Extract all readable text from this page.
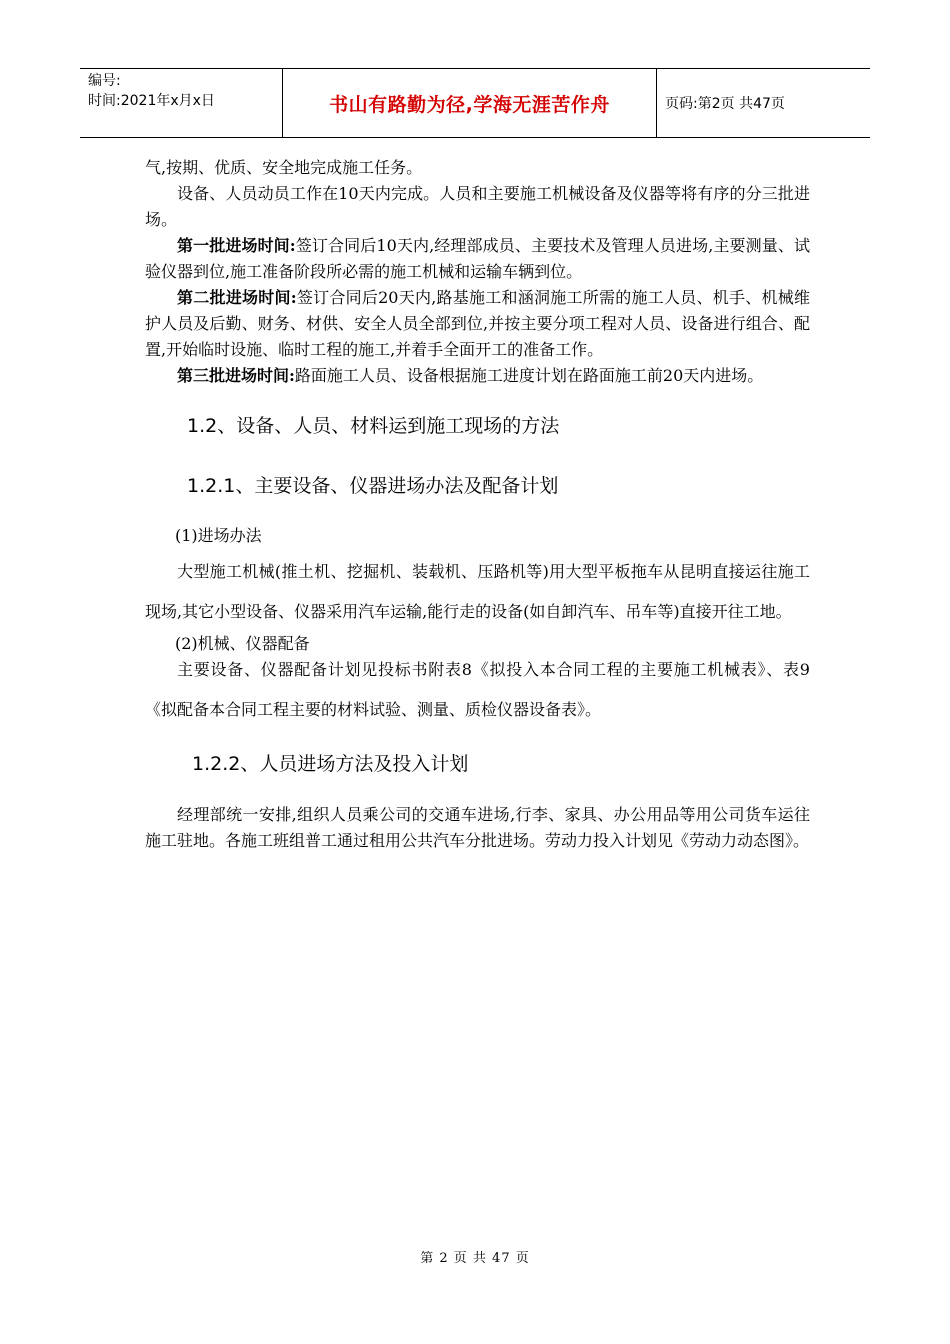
编号:
时间:2021年x月x日	书山有路勤为径,学海无涯苦作舟	页码:第2页 共47页

气,按期、优质、安全地完成施工任务。

设备、人员动员工作在10天内完成。人员和主要施工机械设备及仪器等将有序的分三批进场。

第一批进场时间:签订合同后10天内,经理部成员、主要技术及管理人员进场,主要测量、试验仪器到位,施工准备阶段所必需的施工机械和运输车辆到位。

第二批进场时间:签订合同后20天内,路基施工和涵洞施工所需的施工人员、机手、机械维护人员及后勤、财务、材供、安全人员全部到位,并按主要分项工程对人员、设备进行组合、配置,开始临时设施、临时工程的施工,并着手全面开工的准备工作。

第三批进场时间:路面施工人员、设备根据施工进度计划在路面施工前20天内进场。

1.2、设备、人员、材料运到施工现场的方法

1.2.1、主要设备、仪器进场办法及配备计划

(1)进场办法

大型施工机械(推土机、挖掘机、装载机、压路机等)用大型平板拖车从昆明直接运往施工现场,其它小型设备、仪器采用汽车运输,能行走的设备(如自卸汽车、吊车等)直接开往工地。

(2)机械、仪器配备

主要设备、仪器配备计划见投标书附表8《拟投入本合同工程的主要施工机械表》、表9《拟配备本合同工程主要的材料试验、测量、质检仪器设备表》。

1.2.2、人员进场方法及投入计划

经理部统一安排,组织人员乘公司的交通车进场,行李、家具、办公用品等用公司货车运往施工驻地。各施工班组普工通过租用公共汽车分批进场。劳动力投入计划见《劳动力动态图》。

第 2 页 共 47 页
